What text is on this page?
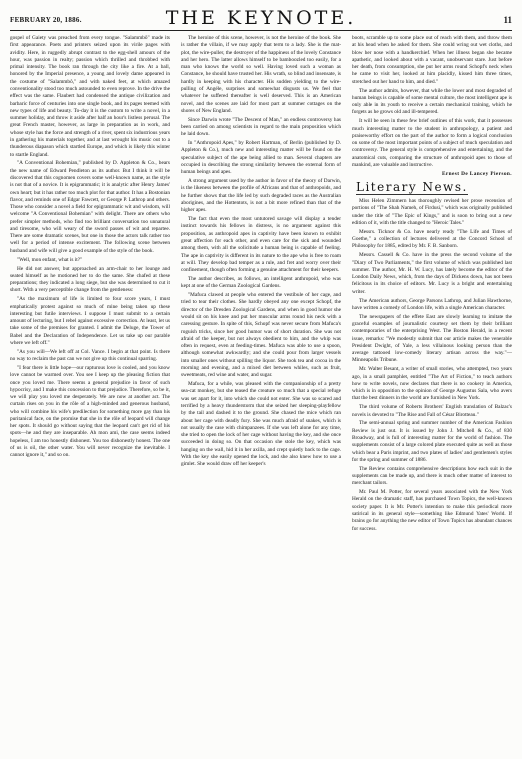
FEBRUARY 20, 1886.	THE KEYNOTE.	11

gospel of Gaiety was preached from every tongue. "Salammbô" made its first appearance. Poets and printers seized upon its virile pages with avidity. Here, in ruggedly abrupt contrast to the egg-shell amours of the hour, was passion in realty; passion which thrilled and throbbed with primal intensity. The book ran through the city like a fire. At a ball, honored by the Imperial presence, a young and lovely dame appeared in the costume of "Salammbô," and with naked feet, at which amazed conventionality stood too much astounded to even reprove. In the drive the effect was the same. Flaubert had condensed the antique civilization and barbaric force of centuries into one single book, and its pages teemed with new types of life and beauty. To-day it is the custom to write a novel, in a summer holiday, and throw it aside after half an hour's listless perusal. The great French master, however, as large in preparation as in work, and whose style has the force and strength of a river, spent six industrious years in gathering his materials together, and at last wrought his music out to a thunderous diapason which startled Europe, and which is likely this winter to startle England.

"A Conventional Bohemian," published by D. Appleton & Co., bears the new name of Edward Pendleton as its author. But I think it will be discovered that this cognomen covers some well-known name, as the style is not that of a novice. It is epigrammatic; it is analytic after Henry James' own heart; but it has rather too much plot for that author. It has a Bostonian flavor, and reminds one of Edgar Fawcett, or George P. Lathrop and others. Those who consider a novel a field for epigrammatic wit and wisdom, will welcome "A Conventional Bohemian" with delight. There are others who prefer simpler methods, who find too brilliant conversation too unnatural and tiresome, who will weary of the sword passes of wit and repartee. There are some dramatic scenes, but one in those the actors talk rather too well for a period of intense excitement. The following scene between husband and wife will give a good example of the style of the book.

"Well, mon enfant, what is it?"

He did not answer, but approached an arm-chair to her lounge and seated himself as he motioned her to do the same. She chafed at these preparations; they indicated a long siege, but she was determined to cut it short. With a very perceptible change from the gentleness:

"As the maximum of life is limited to four score years, I must emphatically protest against so much of mine being taken up these interesting but futile interviews. I suppose I must submit to a certain amount of lecturing, but I rebel against excessive correction. At least, let us take some of the premises for granted. I admit the Deluge, the Tower of Babel and the Declaration of Independence. Let us take up our parable where we left off."

"As you will—We left off at Col. Vance. I begin at that point. Is there no way to reclaim the past can we not give up this continual sparring.

"I fear there is little hope—our rapturous love is cooled, and you know love cannot be warmed over. You see I keep up the pleasing fiction that once you loved me. There seems a general prejudice in favor of such hypocrisy, and I make this concession to that prejudice. Therefore, so be it, we will play you loved me desperately. We are now at another act. The curtain rises on you in the rôle of a high-minded and generous husband, who will combine his wife's predilection for something more gay than his puritanical face, on the promise that she in the rôle of leopard will change her spots. It should go without saying that the leopard can't get rid of his spots—he and they are inseparable. Ah mon ami, the case seems indeed hopeless, I am too honestly dishonest. You too dishonestly honest. The one of us is oil, the other water. You will never recognize the inevitable. I cannot ignore it," and so on.

The heroine of this scene, however, is not the heroine of the book. She is rather the villain, if we may apply that term to a lady. She is the mat-plot, the wire-puller, the destroyer of the happiness of the lovely Constance and her hero. The latter allows himself to be bamboozled too easily, for a man who knows the world so well. Having loved such a woman as Constance, he should have trusted her. His wrath, so blind and insensate, is hardly in keeping with his character. His sudden yielding to the wire-pulling of Angéle, surprises and somewhat disgusts us. We feel that whatever he suffered thereafter is well deserved. This is an American novel, and the scenes are laid for most part at summer cottages on the shores of New England.

Since Darwin wrote "The Descent of Man," an endless controversy has been carried on among scientists in regard to the main proposition which he laid down.

In "Anthropoid Apes," by Robert Hartman, of Berlin (published by D. Appleton & Co.), much new and interesting matter will be found on the speculative subject of the ape being allied to man. Several chapters are occupied in describing the strong similarity between the external form of human beings and apes.

A strong argument used by the author in favor of the theory of Darwin, is the likeness between the profile of Africans and that of anthropoids, and he further shows that the life led by such degraded races as the Australian aborigines, and the Hottentots, is not a bit more refined than that of the higher apes.

The fact that even the most untutored savage will display a tender instinct towards his fellows in distress, is no argument against this proposition, as anthropoid apes in captivity have been known to exhibit great affection for each other, and even care for the sick and wounded among them, with all the solicitude a human being is capable of feeling. The ape in captivity is different in its nature to the ape who is free to roam at will. They develop bad temper as a rule, and fret and worry over their confinement, though often forming a genuine attachment for their keepers.

The author describes, as follows, an intelligent anthropoid, who was kept at one of the German Zoological Gardens.

"Mafuca clawed at people who entered the vestibule of her cage, and tried to tear their clothes. She hardly obeyed any one except Schopf, the director of the Dresden Zoological Gardens, and when in good humor she would sit on his knee and put her muscular arms round his neck with a caressing gesture. In spite of this, Schopf was never secure from Mafuca's roguish tricks, since her good humor was of short duration. She was not afraid of the keeper, but not always obedient to him, and the whip was often in request, even at feeding-times. Mafuca was able to use a spoon, although somewhat awkwardly; and she could pour from larger vessels into smaller ones without spilling the liquor. She took tea and cocoa in the morning and evening, and a mixed diet between whiles, such as fruit, sweetmeats, red wine and water, and sugar.

Mafuca, for a while, was pleased with the companionship of a pretty sea-cat monkey, but she teased the creature so much that a special refuge was set apart for it, into which she could not enter. She was so scared and terrified by a heavy thunderstorm that she seized her sleeping-playfellow by the tail and dashed it to the ground. She chased the mice which ran about her cage with deadly fury. She was much afraid of snakes, which is not usually the case with chimpanzees. If she was left alone for any time, she tried to open the lock of her cage without having the key, and she once succeeded in doing so. On that occasion she stole the key, which was hanging on the wall, hid it in her axilla, and crept quietly back to the cage. With the key she easily opened the lock, and she also knew how to use a gimlet. She would draw off her keeper's

boots, scramble up to some place out of reach with them, and throw them at his head when he asked for them. She could wring out wet cloths, and blow her nose with a handkerchief. When her illness began she became apathetic, and looked about with a vacant, unobservant stare. Just before her death, from consumption, she put her arms round Schopf's neck when he came to visit her, looked at him placidly, kissed him three times, stretched out her hand to him, and died."

The author admits, however, that while the lower and most degraded of human beings is capable of some mental culture, the most intelligent ape is only able in its youth to receive a certain mechanical training, which he forgets as he grows old and ill-tempered.

It will be seen in these few brief outlines of this work, that it possesses much interesting matter to the student in anthropology, a patient and praiseworthy effort on the part of the author to form a logical conclusion on some of the most important points of a subject of much speculation and controversy. The general style is comprehensive and entertaining, and the anatomical cuts, comparing the structure of anthropoid apes to those of mankind, are valuable and instructive.

Ernest De Lancey Pierson.

Literary News.

Miss Helen Zimmern has thoroughly revised her prose recension of portions of "The Shah Nameh, of Firdusi," which was originally published under the title of "The Epic of Kings," and is soon to bring out a new edition of it, with the title changed to "Heroic Tales."

Messrs. Ticknor & Co. have nearly ready "The Life and Times of Goethe," a collection of lectures delivered at the Concord School of Philosophy for 1885, edited by Mr. F. B. Sanborn.

Messrs. Cassell & Co. have in the press the second volume of the "Diary of Two Parliaments," the first volume of which was published last summer. The author, Mr. H. W. Lucy, has lately become the editor of the London Daily News, which, from the days of Dickens down, has not been felicitous in its choice of editors. Mr. Lucy is a bright and entertaining writer.

The American authors, George Parsons Lathrop, and Julian Hawthorne, have written a comedy of London life, with a single American character.

The newspapers of the effete East are slowly learning to imitate the graceful examples of journalistic courtesy set them by their brilliant contemporaries of the enterprising West. The Boston Herald, in a recent issue, remarks: "We modestly submit that our article makes the venerable President Dwight, of Yale, a less villainous looking person than the average tattooed low-comedy literary artisan across the way."—Minneapolis Tribune.

Mr. Walter Besant, a writer of small stories, who attempted, two years ago, in a small pamphlet, entitled "The Art of Fiction," to teach authors how to write novels, now declares that there is no cookery in America, which is in opposition to the opinion of George Augustus Sala, who avers that the best dinners in the world are furnished in New York.

The third volume of Roberts Brothers' English translation of Balzac's novels is devoted to "The Rise and Fall of César Birotteau."

The semi-annual spring and summer number of the American Fashion Review is just out. It is issued by John J. Mitchell & Co., of 830 Broadway, and is full of interesting matter for the world of fashion. The supplements consist of a large colored plate executed quite as well as those which bear a Paris imprint, and two plates of ladies' and gentlemen's styles for the spring and summer of 1886.

The Review contains comprehensive descriptions how each suit in the supplements can be made up, and there is much other matter of interest to merchant tailors.

Mr. Paul M. Potter, for several years associated with the New York Herald on the dramatic staff, has purchased Town Topics, the well-known society paper. It is Mr. Potter's intention to make this periodical more satirical in its general style—something like Edmund Yates' World. If brains go for anything the new editor of Town Topics has abundant chances for success.
